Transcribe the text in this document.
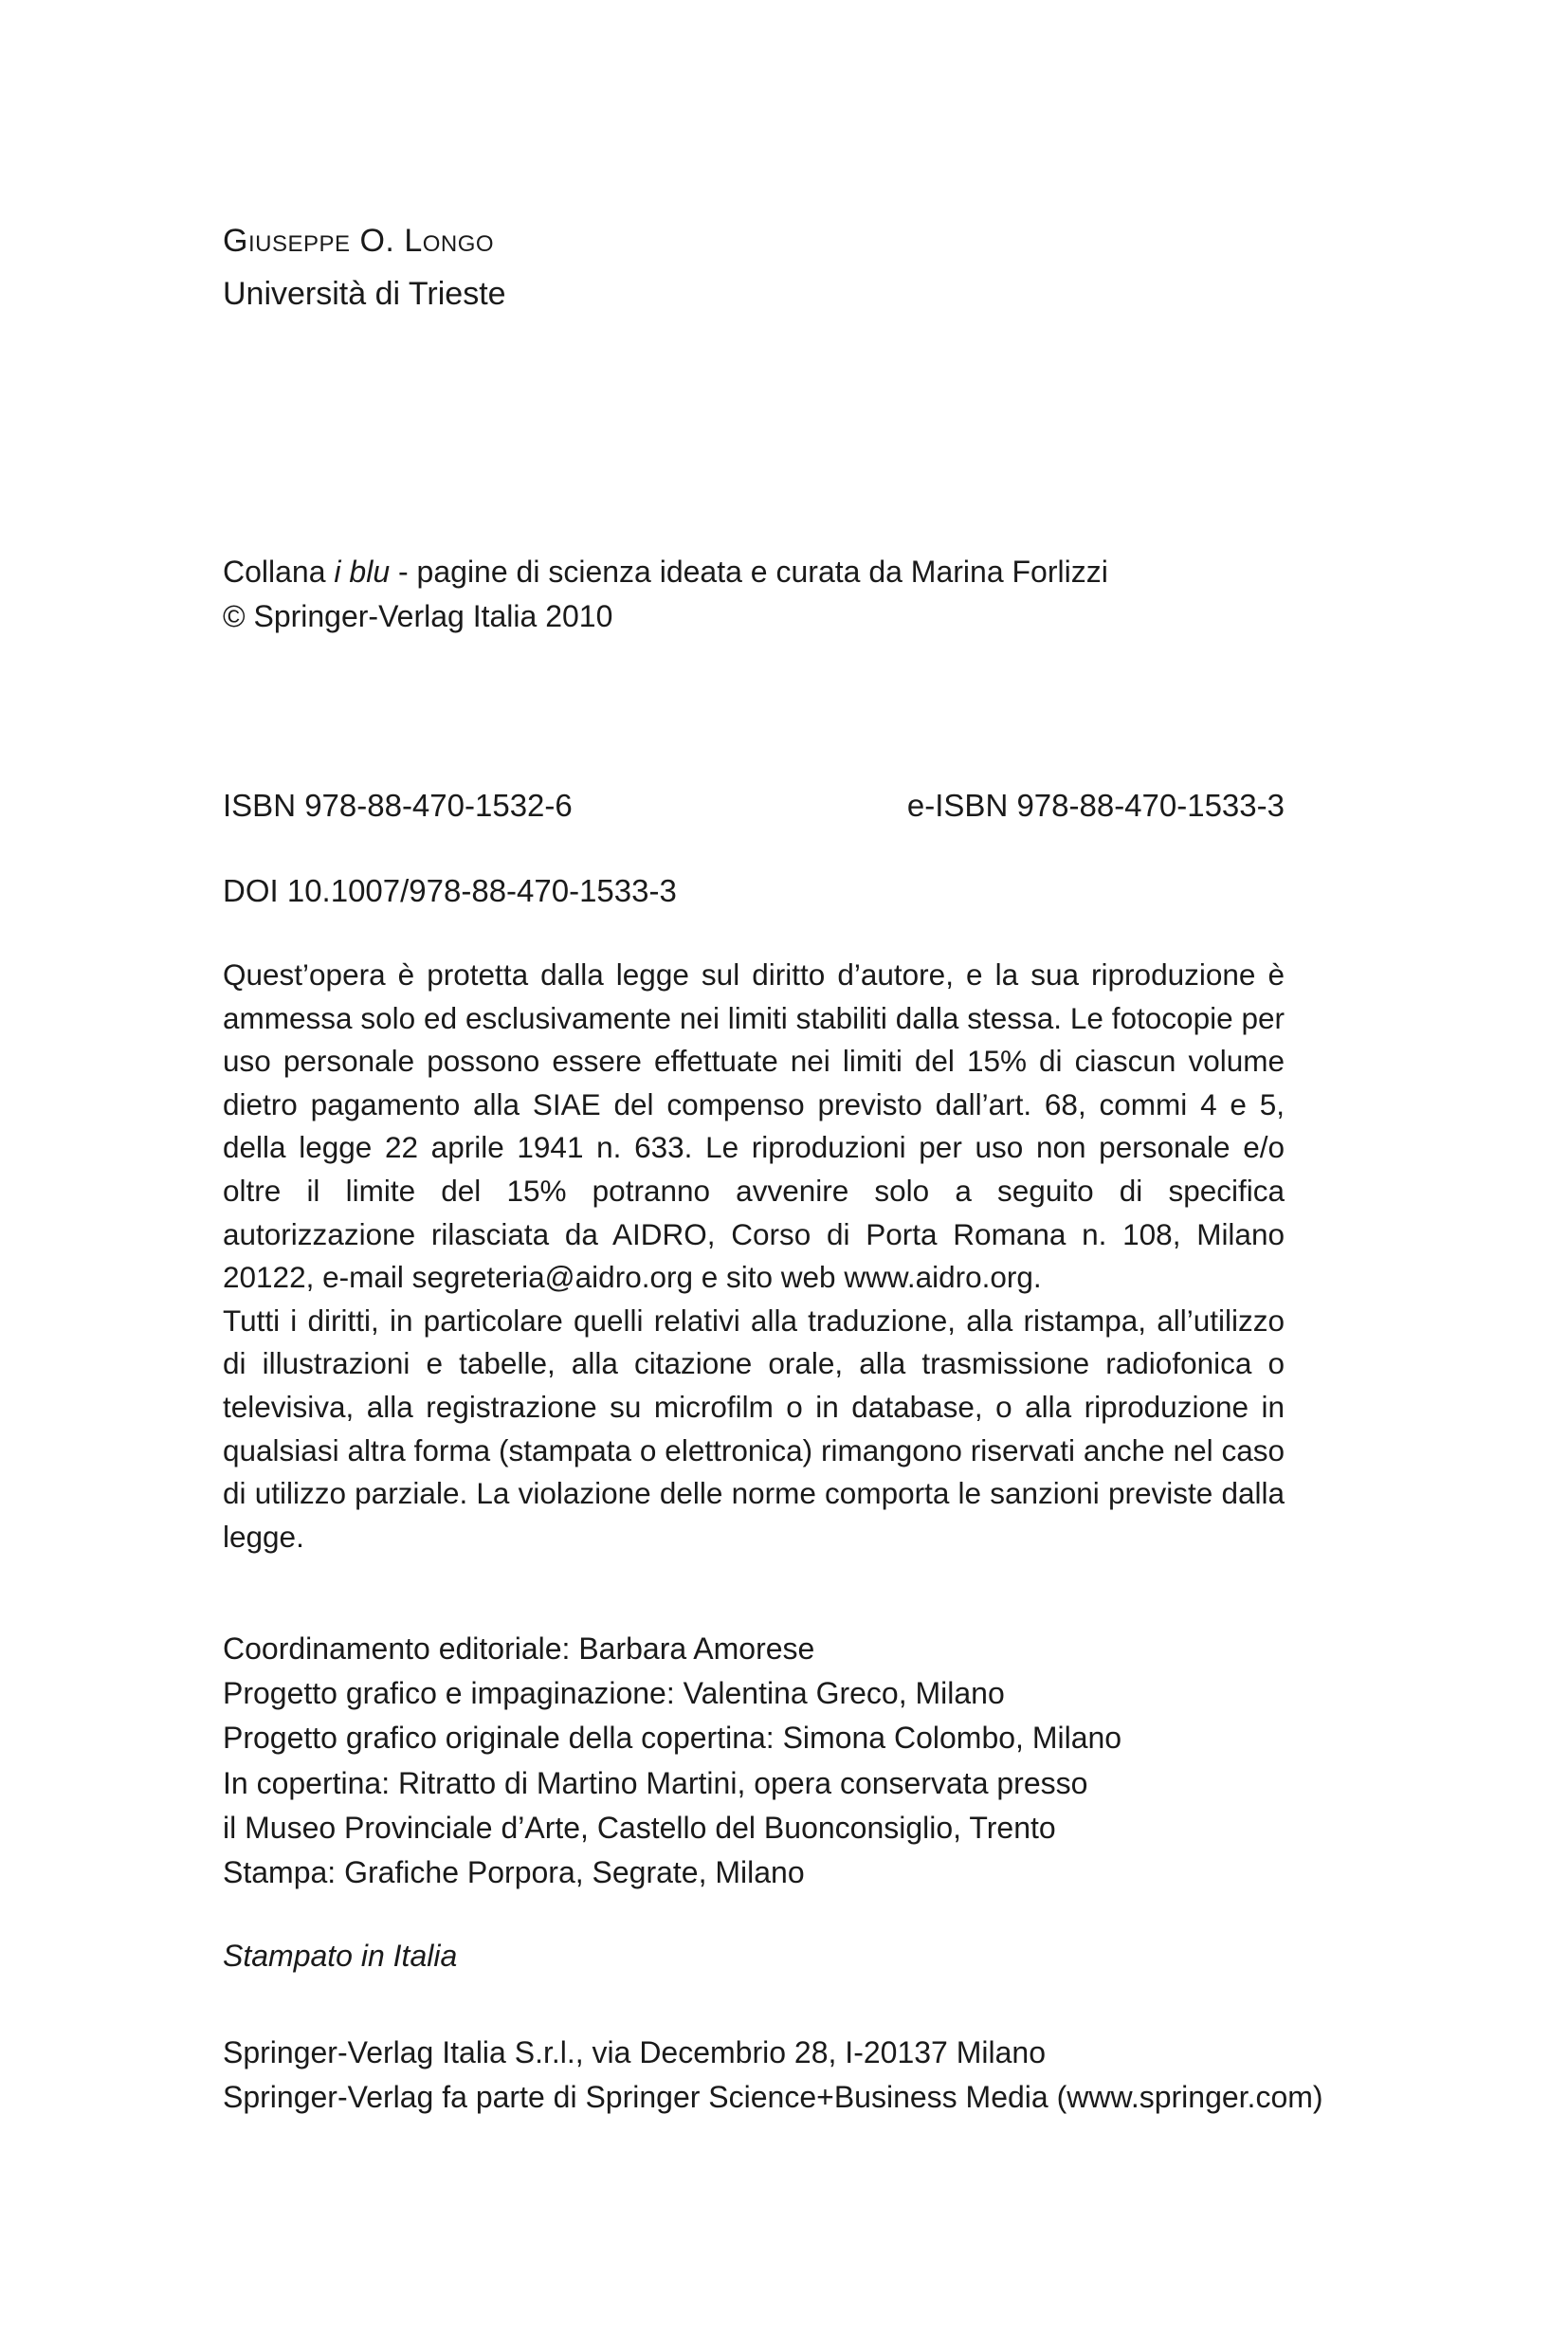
GIUSEPPE O. LONGO
Università di Trieste
Collana i blu - pagine di scienza ideata e curata da Marina Forlizzi
© Springer-Verlag Italia 2010
ISBN 978-88-470-1532-6	e-ISBN 978-88-470-1533-3
DOI 10.1007/978-88-470-1533-3

Quest’opera è protetta dalla legge sul diritto d’autore, e la sua riproduzione è ammessa solo ed esclusivamente nei limiti stabiliti dalla stessa. Le fotocopie per uso personale possono essere effettuate nei limiti del 15% di ciascun volume dietro pagamento alla SIAE del compenso previsto dall’art. 68, commi 4 e 5, della legge 22 aprile 1941 n. 633. Le riproduzioni per uso non personale e/o oltre il limite del 15% potranno avvenire solo a seguito di specifica autorizzazione rilasciata da AIDRO, Corso di Porta Romana n. 108, Milano 20122, e-mail segreteria@aidro.org e sito web www.aidro.org.

Tutti i diritti, in particolare quelli relativi alla traduzione, alla ristampa, all’utilizzo di illustrazioni e tabelle, alla citazione orale, alla trasmissione radiofonica o televisiva, alla registrazione su microfilm o in database, o alla riproduzione in qualsiasi altra forma (stampata o elettronica) rimangono riservati anche nel caso di utilizzo parziale. La violazione delle norme comporta le sanzioni previste dalla legge.

Coordinamento editoriale: Barbara Amorese
Progetto grafico e impaginazione: Valentina Greco, Milano
Progetto grafico originale della copertina: Simona Colombo, Milano
In copertina: Ritratto di Martino Martini, opera conservata presso
il Museo Provinciale d’Arte, Castello del Buonconsiglio, Trento
Stampa: Grafiche Porpora, Segrate, Milano
Stampato in Italia
Springer-Verlag Italia S.r.l., via Decembrio 28, I-20137 Milano
Springer-Verlag fa parte di Springer Science+Business Media (www.springer.com)
